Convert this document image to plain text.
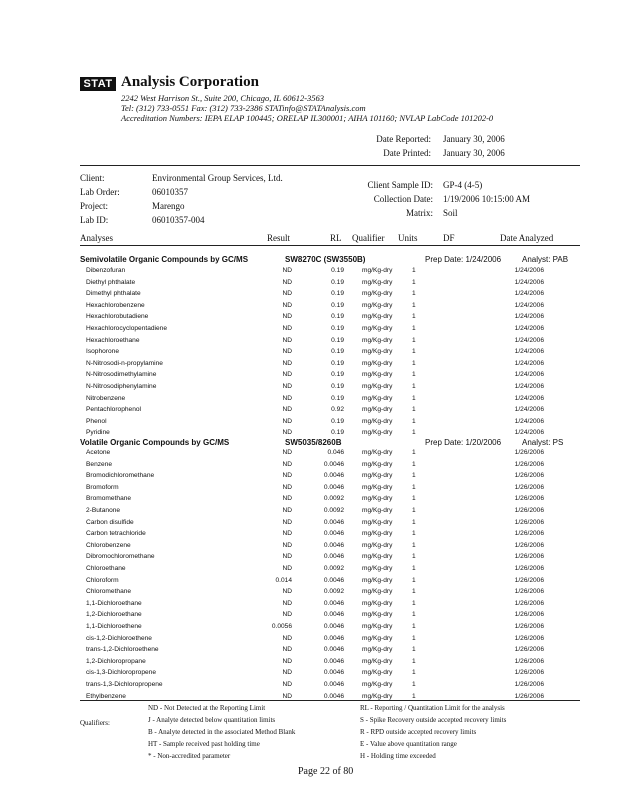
STAT Analysis Corporation
2242 West Harrison St., Suite 200, Chicago, IL 60612-3563
Tel: (312) 733-0551 Fax: (312) 733-2386 STATinfo@STATAnalysis.com
Accreditation Numbers: IEPA ELAP 100445; ORELAP IL300001; AIHA 101160; NVLAP LabCode 101202-0
Date Reported: January 30, 2006
Date Printed: January 30, 2006
Client:	Environmental Group Services, Ltd.
Lab Order:	06010357
Project:	Marengo
Lab ID:	06010357-004
Client Sample ID: GP-4 (4-5)
Collection Date: 1/19/2006 10:15:00 AM
Matrix: Soil
Analyses	Result	RL Qualifier Units	DF	Date Analyzed
Semivolatile Organic Compounds by GC/MS	SW8270C (SW3550B)	Prep Date: 1/24/2006	Analyst: PAB
Dibenzofuran	ND	0.19	mg/Kg-dry	1	1/24/2006
Diethyl phthalate	ND	0.19	mg/Kg-dry	1	1/24/2006
Dimethyl phthalate	ND	0.19	mg/Kg-dry	1	1/24/2006
Hexachlorobenzene	ND	0.19	mg/Kg-dry	1	1/24/2006
Hexachlorobutadiene	ND	0.19	mg/Kg-dry	1	1/24/2006
Hexachlorocyclopentadiene	ND	0.19	mg/Kg-dry	1	1/24/2006
Hexachloroethane	ND	0.19	mg/Kg-dry	1	1/24/2006
Isophorone	ND	0.19	mg/Kg-dry	1	1/24/2006
N-Nitrosodi-n-propylamine	ND	0.19	mg/Kg-dry	1	1/24/2006
N-Nitrosodimethylamine	ND	0.19	mg/Kg-dry	1	1/24/2006
N-Nitrosodiphenylamine	ND	0.19	mg/Kg-dry	1	1/24/2006
Nitrobenzene	ND	0.19	mg/Kg-dry	1	1/24/2006
Pentachlorophenol	ND	0.92	mg/Kg-dry	1	1/24/2006
Phenol	ND	0.19	mg/Kg-dry	1	1/24/2006
Pyridine	ND	0.19	mg/Kg-dry	1	1/24/2006
Volatile Organic Compounds by GC/MS	SW5035/8260B	Prep Date: 1/20/2006	Analyst: PS
Acetone	ND	0.046	mg/Kg-dry	1	1/26/2006
Benzene	ND	0.0046	mg/Kg-dry	1	1/26/2006
Bromodichloromethane	ND	0.0046	mg/Kg-dry	1	1/26/2006
Bromoform	ND	0.0046	mg/Kg-dry	1	1/26/2006
Bromomethane	ND	0.0092	mg/Kg-dry	1	1/26/2006
2-Butanone	ND	0.0092	mg/Kg-dry	1	1/26/2006
Carbon disulfide	ND	0.0046	mg/Kg-dry	1	1/26/2006
Carbon tetrachloride	ND	0.0046	mg/Kg-dry	1	1/26/2006
Chlorobenzene	ND	0.0046	mg/Kg-dry	1	1/26/2006
Dibromochloromethane	ND	0.0046	mg/Kg-dry	1	1/26/2006
Chloroethane	ND	0.0092	mg/Kg-dry	1	1/26/2006
Chloroform	0.014	0.0046	mg/Kg-dry	1	1/26/2006
Chloromethane	ND	0.0092	mg/Kg-dry	1	1/26/2006
1,1-Dichloroethane	ND	0.0046	mg/Kg-dry	1	1/26/2006
1,2-Dichloroethane	ND	0.0046	mg/Kg-dry	1	1/26/2006
1,1-Dichloroethene	0.0056	0.0046	mg/Kg-dry	1	1/26/2006
cis-1,2-Dichloroethene	ND	0.0046	mg/Kg-dry	1	1/26/2006
trans-1,2-Dichloroethene	ND	0.0046	mg/Kg-dry	1	1/26/2006
1,2-Dichloropropane	ND	0.0046	mg/Kg-dry	1	1/26/2006
cis-1,3-Dichloropropene	ND	0.0046	mg/Kg-dry	1	1/26/2006
trans-1,3-Dichloropropene	ND	0.0046	mg/Kg-dry	1	1/26/2006
Ethylbenzene	ND	0.0046	mg/Kg-dry	1	1/26/2006
Qualifiers:
ND - Not Detected at the Reporting Limit
J - Analyte detected below quantitation limits
B - Analyte detected in the associated Method Blank
HT - Sample received past holding time
* - Non-accredited parameter
RL - Reporting / Quantitation Limit for the analysis
S - Spike Recovery outside accepted recovery limits
R - RPD outside accepted recovery limits
E - Value above quantitation range
H - Holding time exceeded
Page 22 of 80
